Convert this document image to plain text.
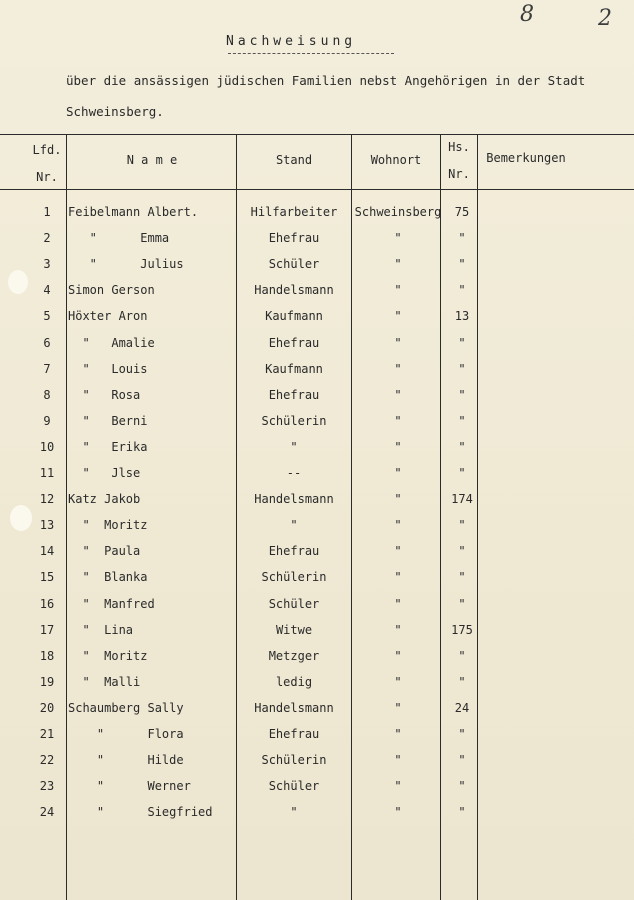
8	2
Nachweisung
über die ansässigen jüdischen Familien nebst Angehörigen in der Stadt
Schweinsberg.
Lfd.
Nr.
N a m e	Stand	Wohnort
Hs.
Nr.
Bemerkungen
1	Feibelmann Albert.	Hilfarbeiter	Schweinsberg	75
2	"      Emma	Ehefrau	"	"
3	"      Julius	Schüler	"	"
4	Simon Gerson	Handelsmann	"	"
5	Höxter Aron	Kaufmann	"	13
6	"   Amalie	Ehefrau	"	"
7	"   Louis	Kaufmann	"	"
8	"   Rosa	Ehefrau	"	"
9	"   Berni	Schülerin	"	"
10	"   Erika	"	"	"
11	"   Jlse	--	"	"
12	Katz Jakob	Handelsmann	"	174
13	"  Moritz	"	"	"
14	"  Paula	Ehefrau	"	"
15	"  Blanka	Schülerin	"	"
16	"  Manfred	Schüler	"	"
17	"  Lina	Witwe	"	175
18	"  Moritz	Metzger	"	"
19	"  Malli	ledig	"	"
20	Schaumberg Sally	Handelsmann	"	24
21	"      Flora	Ehefrau	"	"
22	"      Hilde	Schülerin	"	"
23	"      Werner	Schüler	"	"
24	"      Siegfried	"	"	"
